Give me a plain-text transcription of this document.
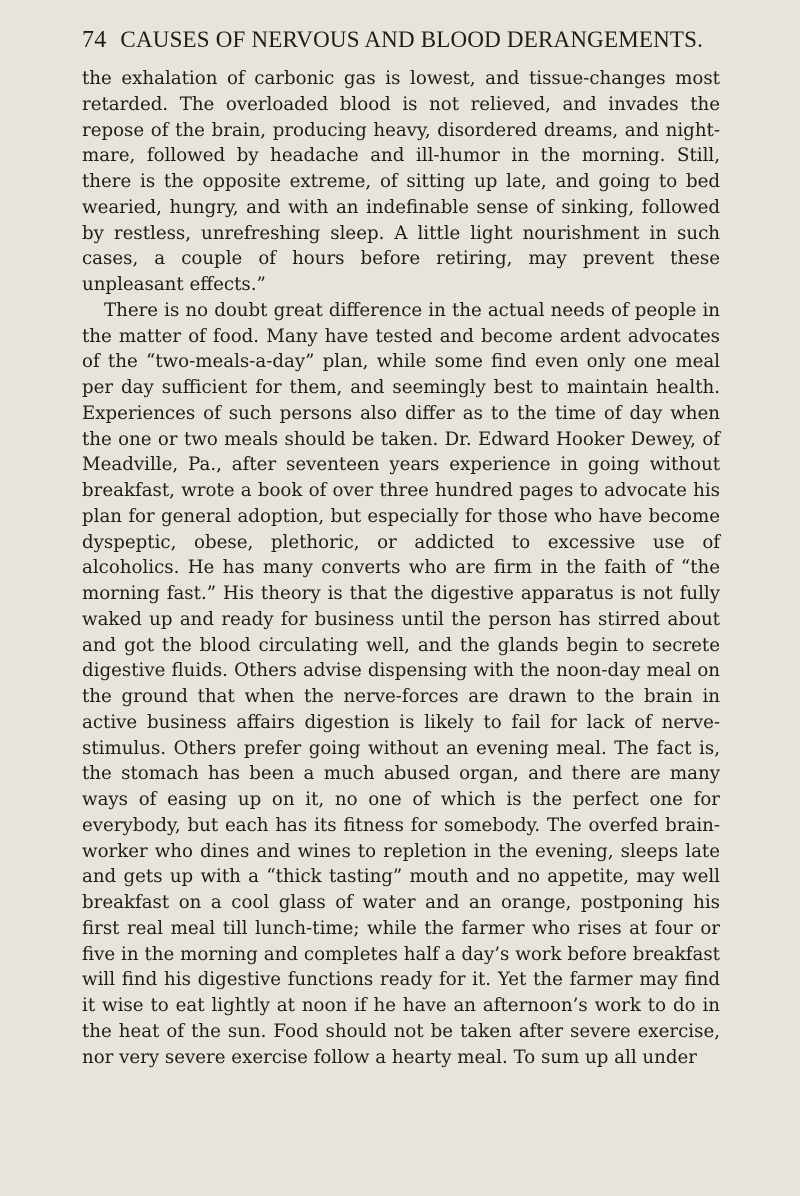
74 CAUSES OF NERVOUS AND BLOOD DERANGEMENTS.

the exhalation of carbonic gas is lowest, and tissue-changes most retarded. The overloaded blood is not relieved, and invades the repose of the brain, producing heavy, disordered dreams, and night-mare, followed by headache and ill-humor in the morning. Still, there is the opposite extreme, of sitting up late, and going to bed wearied, hungry, and with an indefinable sense of sinking, followed by restless, unrefreshing sleep. A little light nourishment in such cases, a couple of hours before retiring, may prevent these unpleasant effects.”

There is no doubt great difference in the actual needs of people in the matter of food. Many have tested and become ardent advocates of the “two-meals-a-day” plan, while some find even only one meal per day sufficient for them, and seemingly best to maintain health. Experiences of such persons also differ as to the time of day when the one or two meals should be taken. Dr. Edward Hooker Dewey, of Meadville, Pa., after seventeen years experience in going without breakfast, wrote a book of over three hundred pages to advocate his plan for general adoption, but especially for those who have become dyspeptic, obese, plethoric, or addicted to excessive use of alcoholics. He has many converts who are firm in the faith of “the morning fast.” His theory is that the digestive apparatus is not fully waked up and ready for business until the person has stirred about and got the blood circulating well, and the glands begin to secrete digestive fluids. Others advise dispensing with the noon-day meal on the ground that when the nerve-forces are drawn to the brain in active business affairs digestion is likely to fail for lack of nerve-stimulus. Others prefer going without an evening meal. The fact is, the stomach has been a much abused organ, and there are many ways of easing up on it, no one of which is the perfect one for everybody, but each has its fitness for somebody. The overfed brain-worker who dines and wines to repletion in the evening, sleeps late and gets up with a “thick tasting” mouth and no appetite, may well breakfast on a cool glass of water and an orange, postponing his first real meal till lunch-time; while the farmer who rises at four or five in the morning and completes half a day’s work before breakfast will find his digestive functions ready for it. Yet the farmer may find it wise to eat lightly at noon if he have an afternoon’s work to do in the heat of the sun. Food should not be taken after severe exercise, nor very severe exercise follow a hearty meal. To sum up all under
